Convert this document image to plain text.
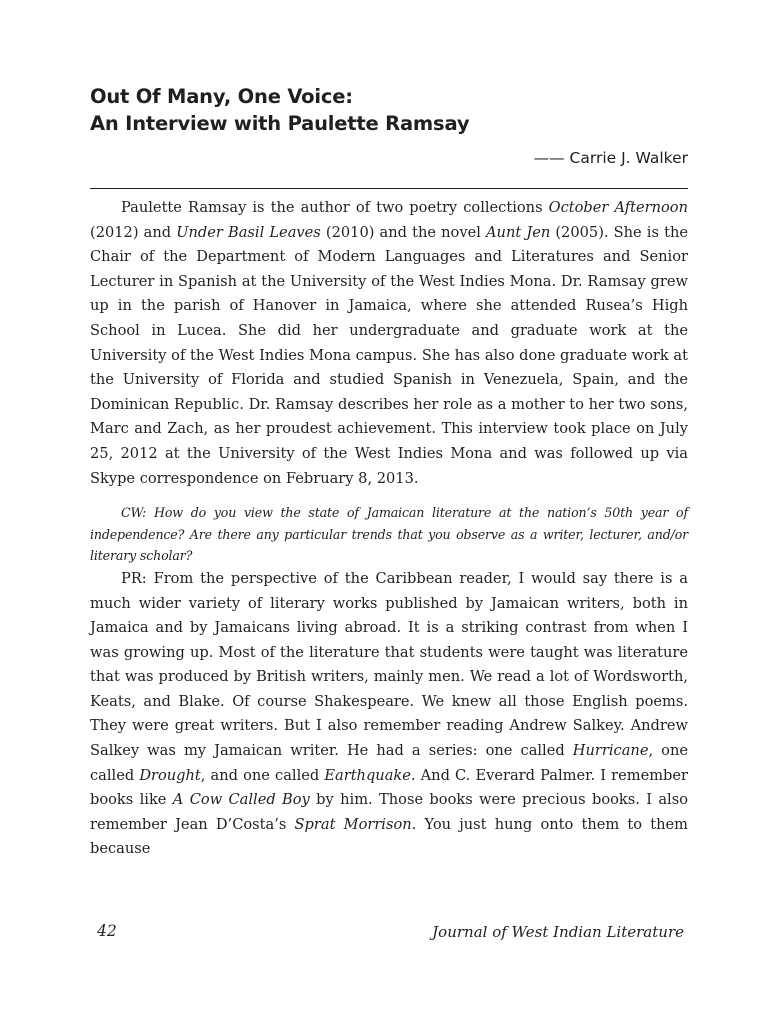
Out Of Many, One Voice:
An Interview with Paulette Ramsay
—— Carrie J. Walker

Paulette Ramsay is the author of two poetry collections October Afternoon (2012) and Under Basil Leaves (2010) and the novel Aunt Jen (2005). She is the Chair of the Department of Modern Languages and Literatures and Senior Lecturer in Spanish at the University of the West Indies Mona. Dr. Ramsay grew up in the parish of Hanover in Jamaica, where she attended Rusea’s High School in Lucea. She did her undergraduate and graduate work at the University of the West Indies Mona campus. She has also done graduate work at the University of Florida and studied Spanish in Venezuela, Spain, and the Dominican Republic. Dr. Ramsay describes her role as a mother to her two sons, Marc and Zach, as her proudest achievement. This interview took place on July 25, 2012 at the University of the West Indies Mona and was followed up via Skype correspondence on February 8, 2013.

CW: How do you view the state of Jamaican literature at the nation’s 50th year of independence? Are there any particular trends that you observe as a writer, lecturer, and/or literary scholar?

PR: From the perspective of the Caribbean reader, I would say there is a much wider variety of literary works published by Jamaican writers, both in Jamaica and by Jamaicans living abroad. It is a striking contrast from when I was growing up. Most of the literature that students were taught was literature that was produced by British writers, mainly men. We read a lot of Wordsworth, Keats, and Blake. Of course Shakespeare. We knew all those English poems. They were great writers. But I also remember reading Andrew Salkey. Andrew Salkey was my Jamaican writer. He had a series: one called Hurricane, one called Drought, and one called Earthquake. And C. Everard Palmer. I remember books like A Cow Called Boy by him. Those books were precious books. I also remember Jean D’Costa’s Sprat Morrison. You just hung onto them to them because

42	Journal of West Indian Literature
